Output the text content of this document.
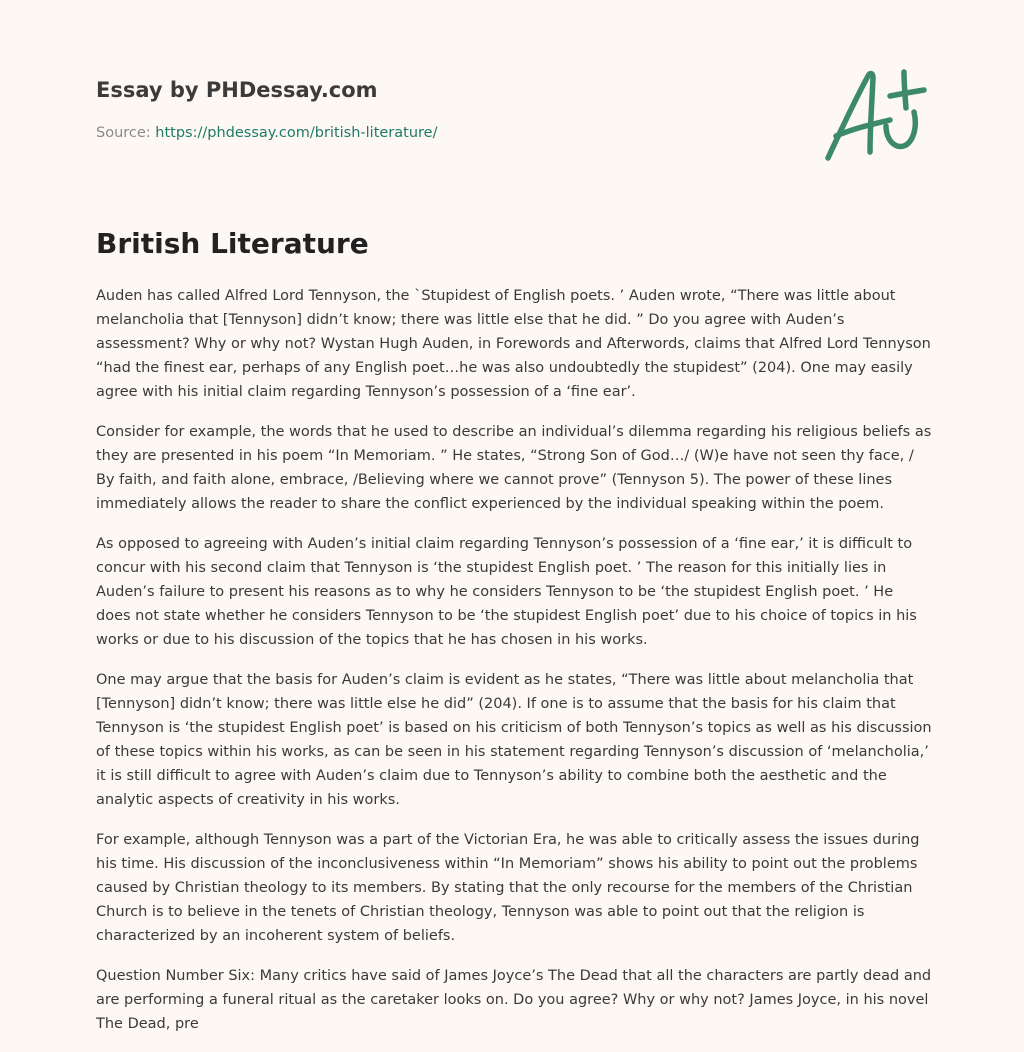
Essay by PHDessay.com
Source: https://phdessay.com/british-literature/
British Literature

Auden has called Alfred Lord Tennyson, the `Stupidest of English poets. ’ Auden wrote, “There was little about melancholia that [Tennyson] didn’t know; there was little else that he did. ” Do you agree with Auden’s assessment? Why or why not? Wystan Hugh Auden, in Forewords and Afterwords, claims that Alfred Lord Tennyson “had the finest ear, perhaps of any English poet…he was also undoubtedly the stupidest” (204). One may easily agree with his initial claim regarding Tennyson’s possession of a ‘fine ear’.

Consider for example, the words that he used to describe an individual’s dilemma regarding his religious beliefs as they are presented in his poem “In Memoriam. ” He states, “Strong Son of God…/ (W)e have not seen thy face, / By faith, and faith alone, embrace, /Believing where we cannot prove” (Tennyson 5). The power of these lines immediately allows the reader to share the conflict experienced by the individual speaking within the poem.

As opposed to agreeing with Auden’s initial claim regarding Tennyson’s possession of a ‘fine ear,’ it is difficult to concur with his second claim that Tennyson is ‘the stupidest English poet. ’ The reason for this initially lies in Auden’s failure to present his reasons as to why he considers Tennyson to be ‘the stupidest English poet. ’ He does not state whether he considers Tennyson to be ‘the stupidest English poet’ due to his choice of topics in his works or due to his discussion of the topics that he has chosen in his works.

One may argue that the basis for Auden’s claim is evident as he states, “There was little about melancholia that [Tennyson] didn’t know; there was little else he did” (204). If one is to assume that the basis for his claim that Tennyson is ‘the stupidest English poet’ is based on his criticism of both Tennyson’s topics as well as his discussion of these topics within his works, as can be seen in his statement regarding Tennyson’s discussion of ‘melancholia,’ it is still difficult to agree with Auden’s claim due to Tennyson’s ability to combine both the aesthetic and the analytic aspects of creativity in his works.

For example, although Tennyson was a part of the Victorian Era, he was able to critically assess the issues during his time. His discussion of the inconclusiveness within “In Memoriam” shows his ability to point out the problems caused by Christian theology to its members. By stating that the only recourse for the members of the Christian Church is to believe in the tenets of Christian theology, Tennyson was able to point out that the religion is characterized by an incoherent system of beliefs.

Question Number Six: Many critics have said of James Joyce’s The Dead that all the characters are partly dead and are performing a funeral ritual as the caretaker looks on. Do you agree? Why or why not? James Joyce, in his novel The Dead, pre
